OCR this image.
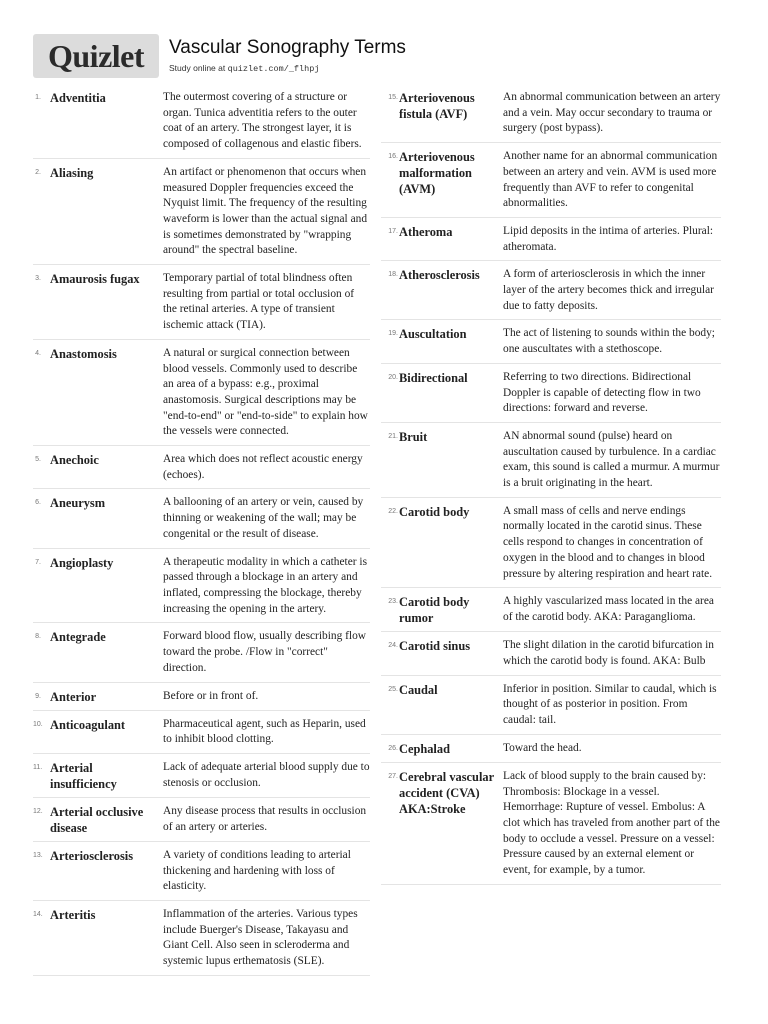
Quizlet	Vascular Sonography Terms
Study online at quizlet.com/_flhpj
1. Adventitia	The outermost covering of a structure or organ. Tunica adventitia refers to the outer coat of an artery. The strongest layer, it is composed of collagenous and elastic fibers.
2. Aliasing	An artifact or phenomenon that occurs when measured Doppler frequencies exceed the Nyquist limit. The frequency of the resulting waveform is lower than the actual signal and is sometimes demonstrated by "wrapping around" the spectral baseline.
3. Amaurosis fugax	Temporary partial of total blindness often resulting from partial or total occlusion of the retinal arteries. A type of transient ischemic attack (TIA).
4. Anastomosis	A natural or surgical connection between blood vessels. Commonly used to describe an area of a bypass: e.g., proximal anastomosis. Surgical descriptions may be "end-to-end" or "end-to-side" to explain how the vessels were connected.
5. Anechoic	Area which does not reflect acoustic energy (echoes).
6. Aneurysm	A ballooning of an artery or vein, caused by thinning or weakening of the wall; may be congenital or the result of disease.
7. Angioplasty	A therapeutic modality in which a catheter is passed through a blockage in an artery and inflated, compressing the blockage, thereby increasing the opening in the artery.
8. Antegrade	Forward blood flow, usually describing flow toward the probe. /Flow in "correct" direction.
9. Anterior	Before or in front of.
10. Anticoagulant	Pharmaceutical agent, such as Heparin, used to inhibit blood clotting.
11. Arterial insufficiency
Lack of adequate arterial blood supply due to stenosis or occlusion.
12. Arterial occlusive disease
Any disease process that results in occlusion of an artery or arteries.
13. Arteriosclerosis	A variety of conditions leading to arterial thickening and hardening with loss of elasticity.
14. Arteritis	Inflammation of the arteries. Various types include Buerger's Disease, Takayasu and Giant Cell. Also seen in scleroderma and systemic lupus erthematosis (SLE).
15. Arteriovenous fistula (AVF)
An abnormal communication between an artery and a vein. May occur secondary to trauma or surgery (post bypass).
16. Arteriovenous malformation (AVM)
Another name for an abnormal communication between an artery and vein. AVM is used more frequently than AVF to refer to congenital abnormalities.
17. Atheroma	Lipid deposits in the intima of arteries. Plural: atheromata.
18. Atherosclerosis	A form of arteriosclerosis in which the inner layer of the artery becomes thick and irregular due to fatty deposits.
19. Auscultation	The act of listening to sounds within the body; one auscultates with a stethoscope.
20. Bidirectional	Referring to two directions. Bidirectional Doppler is capable of detecting flow in two directions: forward and reverse.
21. Bruit	AN abnormal sound (pulse) heard on auscultation caused by turbulence. In a cardiac exam, this sound is called a murmur. A murmur is a bruit originating in the heart.
22. Carotid body	A small mass of cells and nerve endings normally located in the carotid sinus. These cells respond to changes in concentration of oxygen in the blood and to changes in blood pressure by altering respiration and heart rate.
23. Carotid body rumor
A highly vascularized mass located in the area of the carotid body. AKA: Paraganglioma.
24. Carotid sinus	The slight dilation in the carotid bifurcation in which the carotid body is found. AKA: Bulb
25. Caudal	Inferior in position. Similar to caudal, which is thought of as posterior in position. From caudal: tail.
26. Cephalad	Toward the head.
27. Cerebral vascular accident (CVA) AKA:Stroke
Lack of blood supply to the brain caused by: Thrombosis: Blockage in a vessel. Hemorrhage: Rupture of vessel. Embolus: A clot which has traveled from another part of the body to occlude a vessel. Pressure on a vessel: Pressure caused by an external element or event, for example, by a tumor.
